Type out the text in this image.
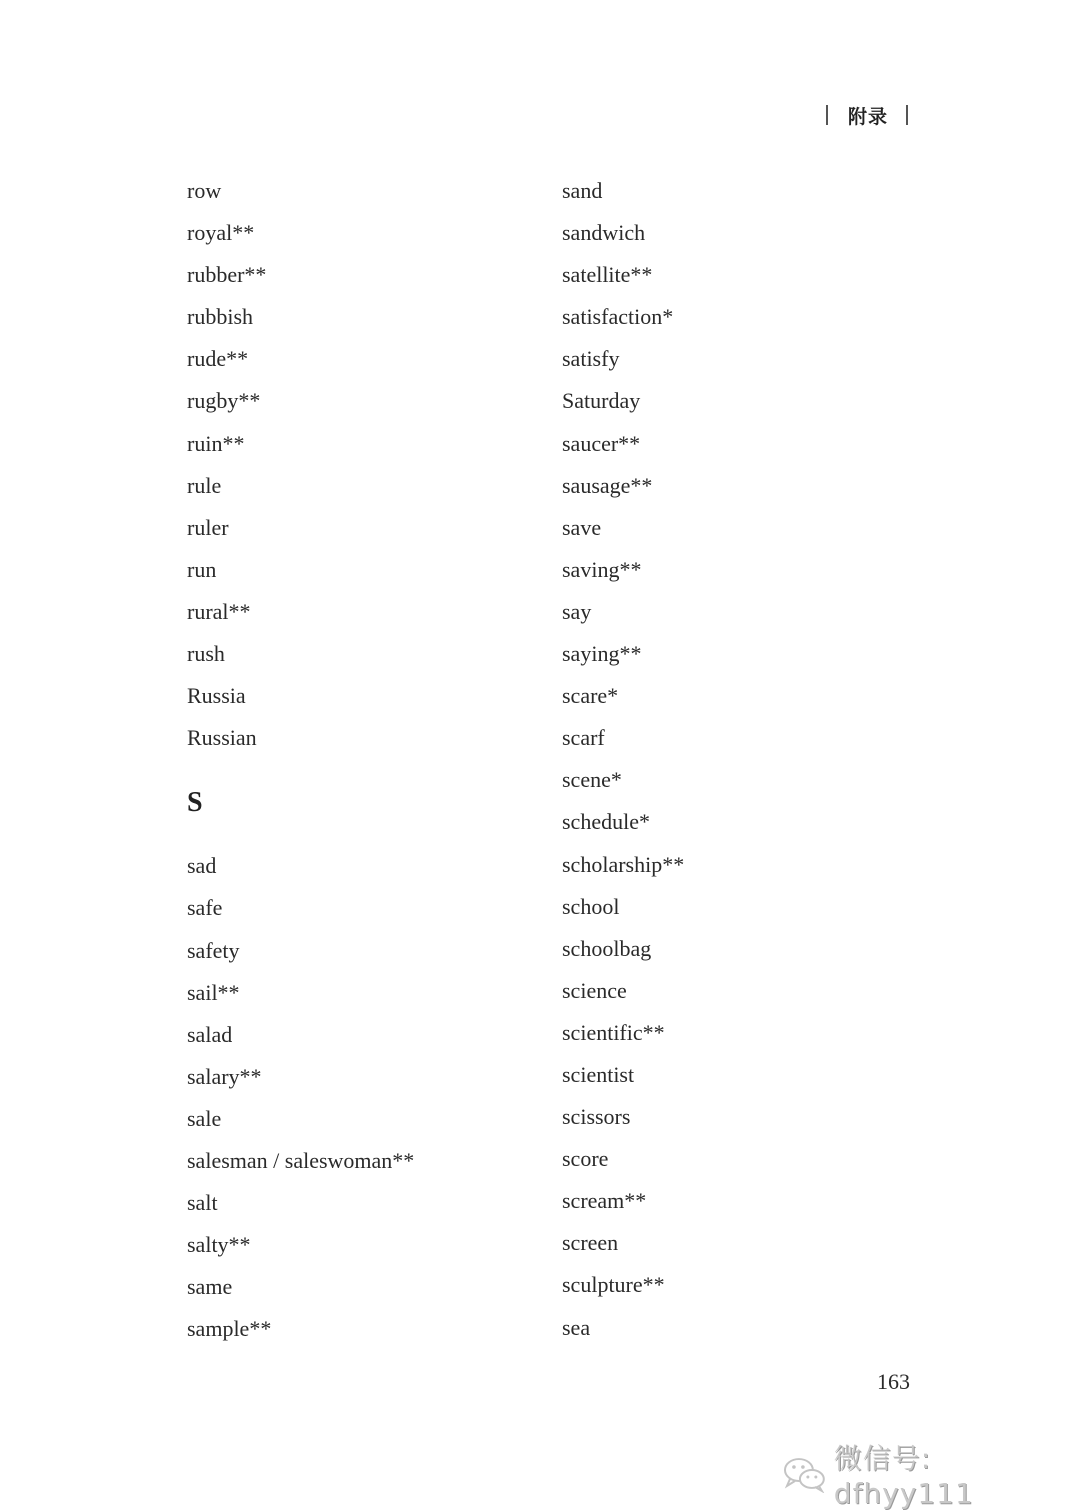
附录
row
royal**
rubber**
rubbish
rude**
rugby**
ruin**
rule
ruler
run
rural**
rush
Russia
Russian
S
sad
safe
safety
sail**
salad
salary**
sale
salesman / saleswoman**
salt
salty**
same
sample**
sand
sandwich
satellite**
satisfaction*
satisfy
Saturday
saucer**
sausage**
save
saving**
say
saying**
scare*
scarf
scene*
schedule*
scholarship**
school
schoolbag
science
scientific**
scientist
scissors
score
scream**
screen
sculpture**
sea
163
微信号: dfhyy111
